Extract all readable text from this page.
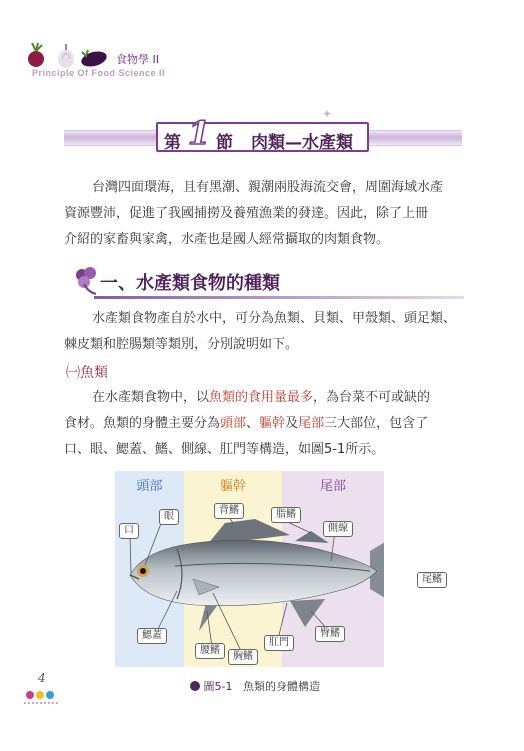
食物學 II
Principle Of Food Science II
第
✦
1 節 肉類—水產類
台灣四面環海，且有黑潮、親潮兩股海流交會，周圍海域水產
資源豐沛，促進了我國捕撈及養殖漁業的發達。因此，除了上冊
介紹的家畜與家禽，水產也是國人經常攝取的肉類食物。
一、水產類食物的種類
水產類食物產自於水中，可分為魚類、貝類、甲殼類、頭足類、
棘皮類和腔腸類等類別，分別說明如下。
㈠魚類
在水產類食物中，以魚類的食用量最多，為台菜不可或缺的
食材。魚類的身體主要分為頭部、軀幹及尾部三大部位，包含了
口、眼、鰓蓋、鰭、側線、肛門等構造，如圖5-1所示。
頭部	軀幹	尾部
口
眼
背鰭	脂鰭
側線
尾鰭
鰓蓋
腰鰭
胸鰭
肛門
臀鰭
圖5-1 魚類的身體構造
4
